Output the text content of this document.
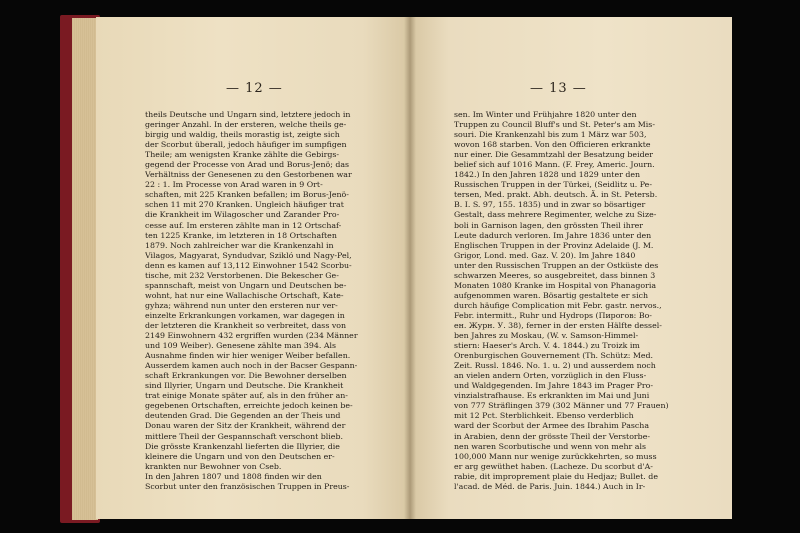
— 12 —
theils Deutsche und Ungarn sind, letztere jedoch in
geringer Anzahl. In der ersteren, welche theils ge-
birgig und waldig, theils morastig ist, zeigte sich
der Scorbut überall, jedoch häufiger im sumpfigen
Theile; am wenigsten Kranke zählte die Gebirgs-
gegend der Processe von Arad und Borus-Jenö; das
Verhältniss der Genesenen zu den Gestorbenen war
22 : 1. Im Processe von Arad waren in 9 Ort-
schaften, mit 225 Kranken befallen; im Borus-Jenö-
schen 11 mit 270 Kranken. Ungleich häufiger trat
die Krankheit im Wilagoscher und Zarander Pro-
cesse auf. Im ersteren zählte man in 12 Ortschaf-
ten 1225 Kranke, im letzteren in 18 Ortschaften
1879. Noch zahlreicher war die Krankenzahl in
Vilagos, Magyarat, Syndudvar, Szikló und Nagy-Pel,
denn es kamen auf 13,112 Einwohner 1542 Scorbu-
tische, mit 232 Verstorbenen. Die Bekescher Ge-
spannschaft, meist von Ungarn und Deutschen be-
wohnt, hat nur eine Wallachische Ortschaft, Kate-
gyhza; während nun unter den ersteren nur ver-
einzelte Erkrankungen vorkamen, war dagegen in
der letzteren die Krankheit so verbreitet, dass von
2149 Einwohnern 432 ergriffen wurden (234 Männer
und 109 Weiber). Genesene zählte man 394. Als
Ausnahme finden wir hier weniger Weiber befallen.
Ausserdem kamen auch noch in der Bacser Gespann-
schaft Erkrankungen vor. Die Bewohner derselben
sind Illyrier, Ungarn und Deutsche. Die Krankheit
trat einige Monate später auf, als in den früher an-
gegebenen Ortschaften, erreichte jedoch keinen be-
deutenden Grad. Die Gegenden an der Theis und
Donau waren der Sitz der Krankheit, während der
mittlere Theil der Gespannschaft verschont blieb.
Die grösste Krankenzahl lieferten die Illyrier, die
kleinere die Ungarn und von den Deutschen er-
krankten nur Bewohner von Cseb.
In den Jahren 1807 und 1808 finden wir den
Scorbut unter den französischen Truppen in Preus-
— 13 —
sen. Im Winter und Frühjahre 1820 unter den
Truppen zu Council Bluff's und St. Peter's am Mis-
souri. Die Krankenzahl bis zum 1 März war 503,
wovon 168 starben. Von den Officieren erkrankte
nur einer. Die Gesammtzahl der Besatzung beider
belief sich auf 1016 Mann. (F. Frey, Americ. Journ.
1842.) In den Jahren 1828 und 1829 unter den
Russischen Truppen in der Türkei, (Seidlitz u. Pe-
tersen, Med. prakt. Abh. deutsch. Ä. in St. Petersb.
B. I. S. 97, 155. 1835) und in zwar so bösartiger
Gestalt, dass mehrere Regimenter, welche zu Size-
boli in Garnison lagen, den grössten Theil ihrer
Leute dadurch verloren. Im Jahre 1836 unter den
Englischen Truppen in der Provinz Adelaide (J. M.
Grigor, Lond. med. Gaz. V. 20). Im Jahre 1840
unter den Russischen Truppen an der Ostküste des
schwarzen Meeres, so ausgebreitet, dass binnen 3
Monaten 1080 Kranke im Hospital von Phanagoria
aufgenommen waren. Bösartig gestaltete er sich
durch häufige Complication mit Febr. gastr. nervos.,
Febr. intermitt., Ruhr und Hydrops (Пирогов: Bo-
ен. Журн. У. 38), ferner in der ersten Hälfte dessel-
ben Jahres zu Moskau, (W. v. Samson-Himmel-
stiern: Haeser's Arch. V. 4. 1844.) zu Troizk im
Orenburgischen Gouvernement (Th. Schütz: Med.
Zeit. Russl. 1846. No. 1. u. 2) und ausserdem noch
an vielen andern Orten, vorzüglich in den Fluss-
und Waldgegenden. Im Jahre 1843 im Prager Pro-
vinzialstrafhause. Es erkrankten im Mai und Juni
von 777 Sträflingen 379 (302 Männer und 77 Frauen)
mit 12 Pct. Sterblichkeit. Ebenso verderblich
ward der Scorbut der Armee des Ibrahim Pascha
in Arabien, denn der grösste Theil der Verstorbe-
nen waren Scorbutische und wenn von mehr als
100,000 Mann nur wenige zurückkehrten, so muss
er arg gewüthet haben. (Lacheze. Du scorbut d'A-
rabie, dit improprement plaie du Hedjaz; Bullet. de
l'acad. de Méd. de Paris. Juin. 1844.) Auch in Ir-
